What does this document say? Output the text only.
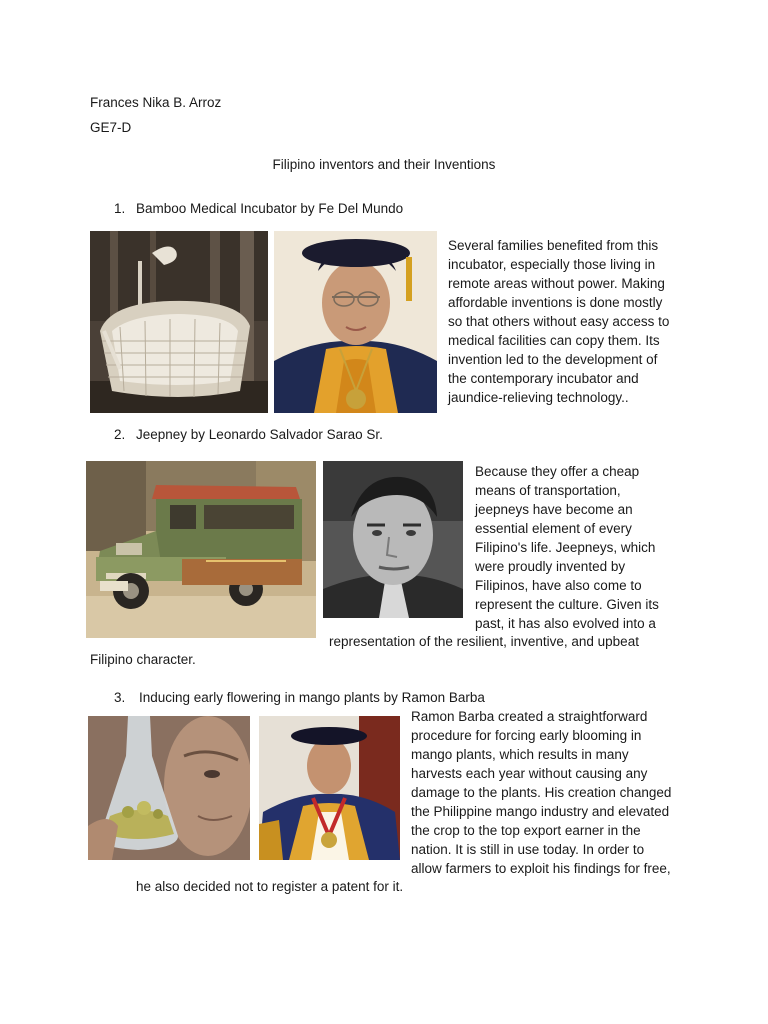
Frances Nika B. Arroz
GE7-D
Filipino inventors and their Inventions
1. Bamboo Medical Incubator by Fe Del Mundo
Several families benefited from this
incubator, especially those living in
remote areas without power. Making
affordable inventions is done mostly
so that others without easy access to
medical facilities can copy them. Its
invention led to the development of
the contemporary incubator and
jaundice-relieving technology..
2. Jeepney by Leonardo Salvador Sarao Sr.
Because they offer a cheap
means of transportation,
jeepneys have become an
essential element of every
Filipino's life. Jeepneys, which
were proudly invented by
Filipinos, have also come to
represent the culture. Given its
past, it has also evolved into a
representation of the resilient, inventive, and upbeat
Filipino character.
3. Inducing early flowering in mango plants by Ramon Barba
Ramon Barba created a straightforward
procedure for forcing early blooming in
mango plants, which results in many
harvests each year without causing any
damage to the plants. His creation changed
the Philippine mango industry and elevated
the crop to the top export earner in the
nation. It is still in use today. In order to
allow farmers to exploit his findings for free,
he also decided not to register a patent for it.
